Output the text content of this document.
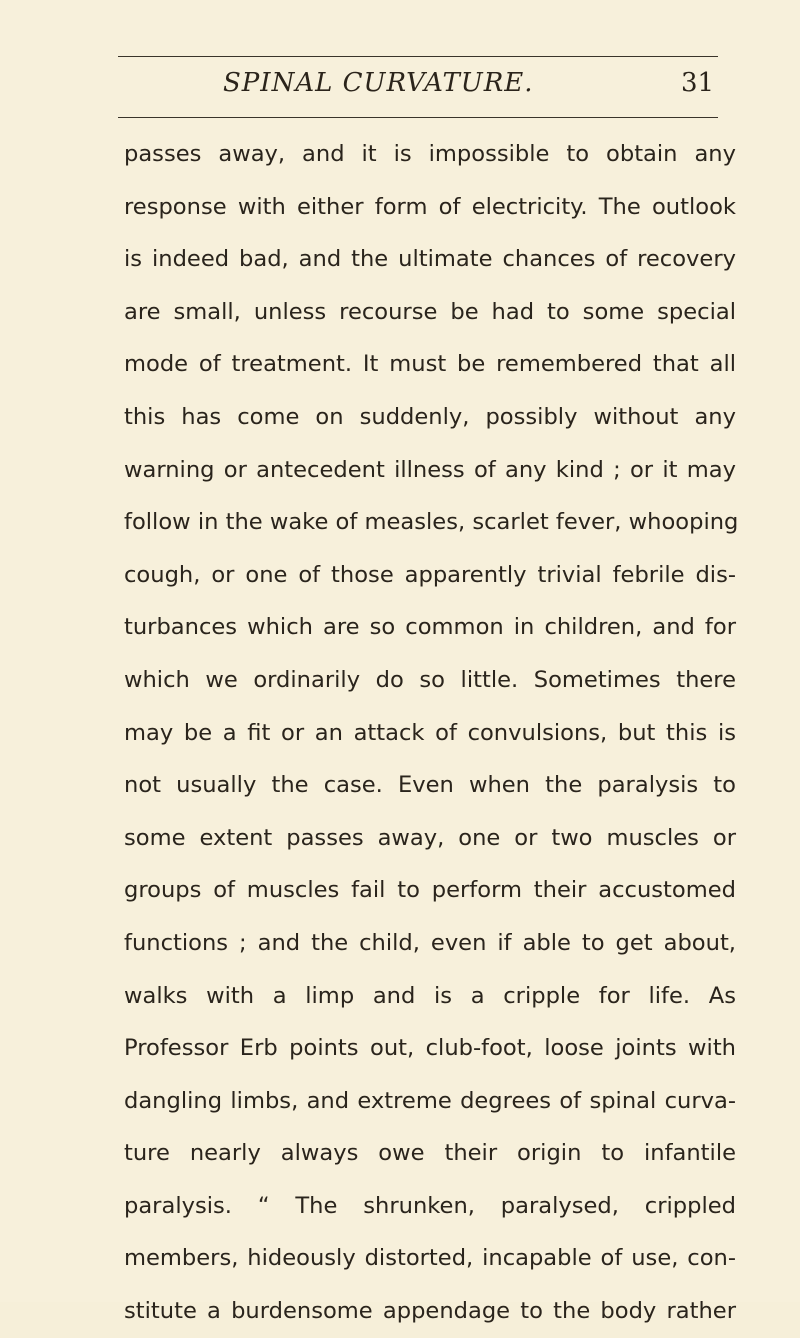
SPINAL CURVATURE.	31
passes away, and it is impossible to obtain any
response with either form of electricity. The outlook
is indeed bad, and the ultimate chances of recovery
are small, unless recourse be had to some special
mode of treatment. It must be remembered that all
this has come on suddenly, possibly without any
warning or antecedent illness of any kind ; or it may
follow in the wake of measles, scarlet fever, whooping
cough, or one of those apparently trivial febrile dis-
turbances which are so common in children, and for
which we ordinarily do so little. Sometimes there
may be a fit or an attack of convulsions, but this is
not usually the case. Even when the paralysis to
some extent passes away, one or two muscles or
groups of muscles fail to perform their accustomed
functions ; and the child, even if able to get about,
walks with a limp and is a cripple for life. As
Professor Erb points out, club-foot, loose joints with
dangling limbs, and extreme degrees of spinal curva-
ture nearly always owe their origin to infantile
paralysis. “ The shrunken, paralysed, crippled
members, hideously distorted, incapable of use, con-
stitute a burdensome appendage to the body rather
